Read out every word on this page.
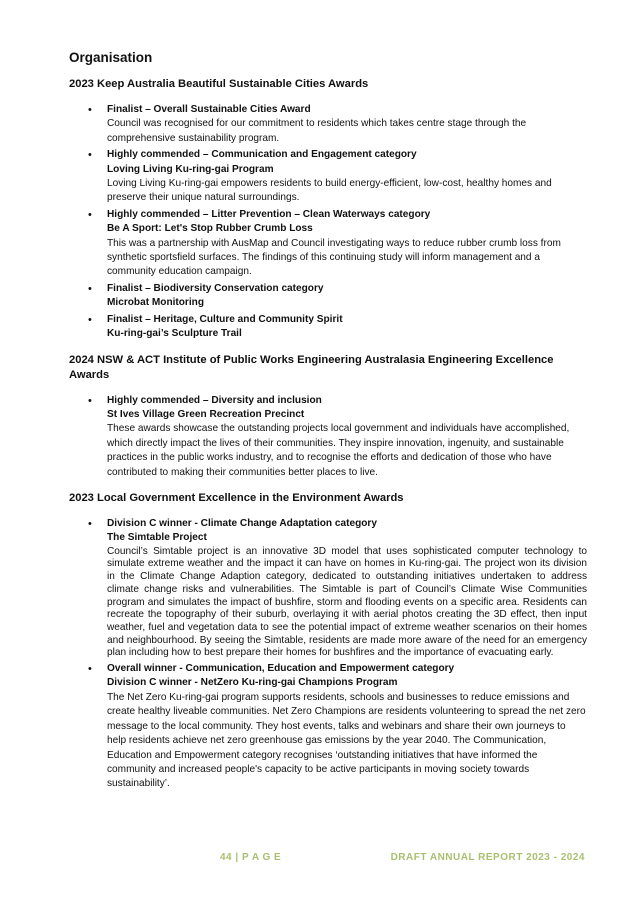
Organisation
2023 Keep Australia Beautiful Sustainable Cities Awards
• Finalist – Overall Sustainable Cities Award

Council was recognised for our commitment to residents which takes centre stage through the comprehensive sustainability program.

• Highly commended – Communication and Engagement category

Loving Living Ku-ring-gai Program

Loving Living Ku-ring-gai empowers residents to build energy-efficient, low-cost, healthy homes and preserve their unique natural surroundings.

• Highly commended – Litter Prevention – Clean Waterways category

Be A Sport: Let's Stop Rubber Crumb Loss

This was a partnership with AusMap and Council investigating ways to reduce rubber crumb loss from synthetic sportsfield surfaces. The findings of this continuing study will inform management and a community education campaign.

• Finalist – Biodiversity Conservation category

Microbat Monitoring

• Finalist – Heritage, Culture and Community Spirit

Ku-ring-gai’s Sculpture Trail

2024 NSW & ACT Institute of Public Works Engineering Australasia Engineering Excellence Awards
• Highly commended – Diversity and inclusion

St Ives Village Green Recreation Precinct

These awards showcase the outstanding projects local government and individuals have accomplished, which directly impact the lives of their communities. They inspire innovation, ingenuity, and sustainable practices in the public works industry, and to recognise the efforts and dedication of those who have contributed to making their communities better places to live.

2023 Local Government Excellence in the Environment Awards
• Division C winner - Climate Change Adaptation category

The Simtable Project

Council’s Simtable project is an innovative 3D model that uses sophisticated computer technology to simulate extreme weather and the impact it can have on homes in Ku-ring-gai. The project won its division in the Climate Change Adaption category, dedicated to outstanding initiatives undertaken to address climate change risks and vulnerabilities. The Simtable is part of Council’s Climate Wise Communities program and simulates the impact of bushfire, storm and flooding events on a specific area. Residents can recreate the topography of their suburb, overlaying it with aerial photos creating the 3D effect, then input weather, fuel and vegetation data to see the potential impact of extreme weather scenarios on their homes and neighbourhood. By seeing the Simtable, residents are made more aware of the need for an emergency plan including how to best prepare their homes for bushfires and the importance of evacuating early.

• Overall winner - Communication, Education and Empowerment category

Division C winner - NetZero Ku-ring-gai Champions Program

The Net Zero Ku-ring-gai program supports residents, schools and businesses to reduce emissions and create healthy liveable communities. Net Zero Champions are residents volunteering to spread the net zero message to the local community. They host events, talks and webinars and share their own journeys to help residents achieve net zero greenhouse gas emissions by the year 2040. The Communication, Education and Empowerment category recognises ‘outstanding initiatives that have informed the community and increased people's capacity to be active participants in moving society towards sustainability’.

44 | P A G E	DRAFT ANNUAL REPORT 2023 - 2024
